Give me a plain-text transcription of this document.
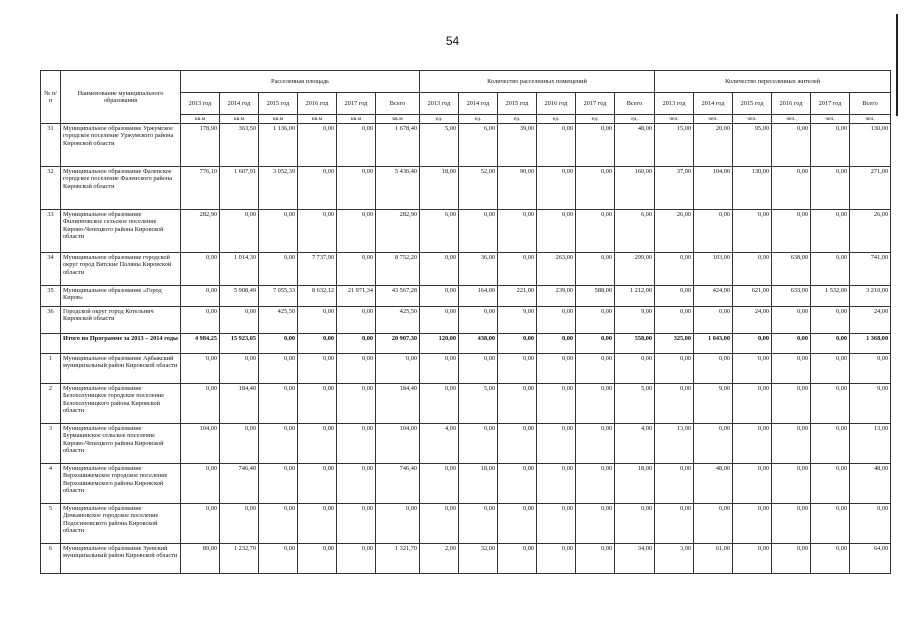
54
№ п/п	Наименование муниципального образования	Расселенная площадь						Количество расселенных помещений						Количество переселенных жителей					
		2013 год	2014 год	2015 год	2016 год	2017 год	Всего	2013 год	2014 год	2015 год	2016 год	2017 год	Всего	2013 год	2014 год	2015 год	2016 год	2017 год	Всего
		кв.м	кв.м	кв.м	кв.м	кв.м	кв.м	ед.	ед.	ед.	ед.	ед.	ед.	чел.	чел.	чел.	чел.	чел.	чел.
31	Муниципальное образование Уржумское городское поселение Уржумского района Кировской области	178,90	363,50	1 136,00	0,00	0,00	1 678,40	5,00	6,00	39,00	0,00	0,00	48,00	15,00	20,00	95,00	0,00	0,00	130,00
32	Муниципальное образование Фаленское городское поселение Фаленского района Кировской области	776,10	1 607,91	3 052,39	0,00	0,00	5 436,40	18,00	52,00	90,00	0,00	0,00	160,00	37,00	104,00	130,00	0,00	0,00	271,00
33	Муниципальное образование Филипповское сельское поселение Кирово-Чепецкого района Кировской области	282,90	0,00	0,00	0,00	0,00	282,90	6,00	0,00	0,00	0,00	0,00	6,00	26,00	0,00	0,00	0,00	0,00	26,00
34	Муниципальное образование городской округ город Вятские Поляны Кировской области	0,00	1 014,30	0,00	7 737,90	0,00	8 752,20	0,00	36,00	0,00	263,00	0,00	299,00	0,00	103,00	0,00	638,00	0,00	741,00
35	Муниципальное образование «Город Киров»	0,00	5 908,49	7 055,33	8 632,12	21 971,34	43 567,28	0,00	164,00	221,00	239,00	588,00	1 212,00	0,00	424,00	621,00	633,00	1 532,00	3 210,00
36	Городской округ город Котельнич Кировской области	0,00	0,00	425,50	0,00	0,00	425,50	0,00	0,00	9,00	0,00	0,00	9,00	0,00	0,00	24,00	0,00	0,00	24,00
	Итого по Программе за 2013 – 2014 годы	4 984,25	15 923,05	0,00	0,00	0,00	20 907,30	120,00	438,00	0,00	0,00	0,00	558,00	325,00	1 043,00	0,00	0,00	0,00	1 368,00
1	Муниципальное образование Арбажский муниципальный район Кировской области	0,00	0,00	0,00	0,00	0,00	0,00	0,00	0,00	0,00	0,00	0,00	0,00	0,00	0,00	0,00	0,00	0,00	0,00
2	Муниципальное образование Белохолуницкое городское поселение Белохолуницкого района Кировской области	0,00	184,40	0,00	0,00	0,00	184,40	0,00	5,00	0,00	0,00	0,00	5,00	0,00	9,00	0,00	0,00	0,00	9,00
3	Муниципальное образование Бурмакинское сельское поселение Кирово-Чепецкого района Кировской области	104,00	0,00	0,00	0,00	0,00	104,00	4,00	0,00	0,00	0,00	0,00	4,00	13,00	0,00	0,00	0,00	0,00	13,00
4	Муниципальное образование Верхошижемское городское поселение Верхошижемского района Кировской области	0,00	746,40	0,00	0,00	0,00	746,40	0,00	18,00	0,00	0,00	0,00	18,00	0,00	48,00	0,00	0,00	0,00	48,00
5	Муниципальное образование Демьяновское городское поселение Подосиновского района Кировской области	0,00	0,00	0,00	0,00	0,00	0,00	0,00	0,00	0,00	0,00	0,00	0,00	0,00	0,00	0,00	0,00	0,00	0,00
6	Муниципальное образование Зуевский муниципальный район Кировской области	89,00	1 232,70	0,00	0,00	0,00	1 321,70	2,00	32,00	0,00	0,00	0,00	34,00	3,00	61,00	0,00	0,00	0,00	64,00
